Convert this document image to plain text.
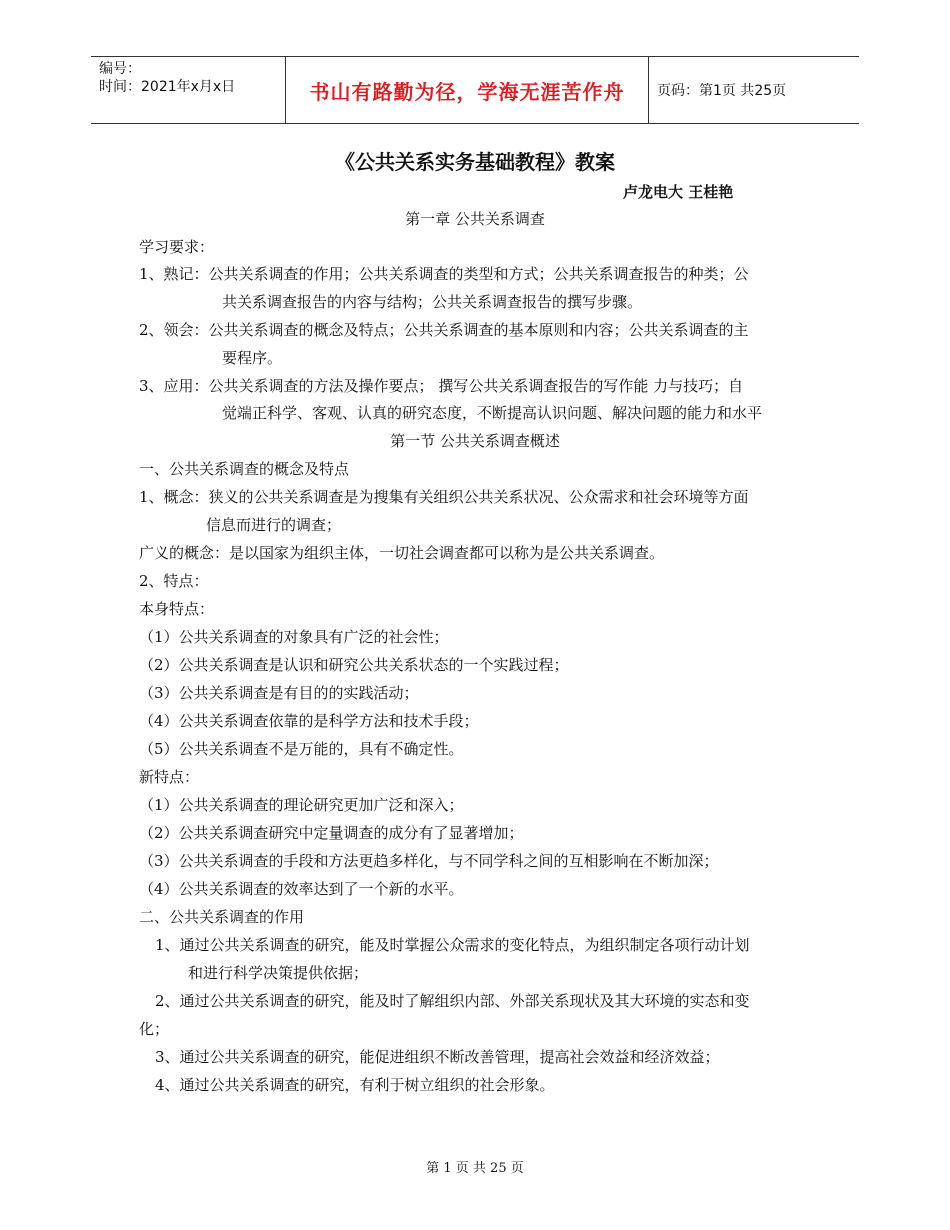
编号：
时间：2021年x月x日	书山有路勤为径，学海无涯苦作舟	页码：第1页 共25页
《公共关系实务基础教程》教案
卢龙电大 王桂艳
第一章 公共关系调查
学习要求：
1、熟记：公共关系调查的作用；公共关系调查的类型和方式；公共关系调查报告的种类；公
共关系调查报告的内容与结构；公共关系调查报告的撰写步骤。
2、领会：公共关系调查的概念及特点；公共关系调查的基本原则和内容；公共关系调查的主
要程序。
3、应用：公共关系调查的方法及操作要点； 撰写公共关系调查报告的写作能 力与技巧；自
觉端正科学、客观、认真的研究态度，不断提高认识问题、解决问题的能力和水平
第一节 公共关系调查概述
一、公共关系调查的概念及特点
1、概念：狭义的公共关系调查是为搜集有关组织公共关系状况、公众需求和社会环境等方面
信息而进行的调查；
广义的概念：是以国家为组织主体，一切社会调查都可以称为是公共关系调查。
2、特点：
本身特点：
（1）公共关系调查的对象具有广泛的社会性；
（2）公共关系调查是认识和研究公共关系状态的一个实践过程；
（3）公共关系调查是有目的的实践活动；
（4）公共关系调查依靠的是科学方法和技术手段；
（5）公共关系调查不是万能的，具有不确定性。
新特点：
（1）公共关系调查的理论研究更加广泛和深入；
（2）公共关系调查研究中定量调查的成分有了显著增加；
（3）公共关系调查的手段和方法更趋多样化，与不同学科之间的互相影响在不断加深；
（4）公共关系调查的效率达到了一个新的水平。
二、公共关系调查的作用
1、通过公共关系调查的研究，能及时掌握公众需求的变化特点，为组织制定各项行动计划
和进行科学决策提供依据；
2、通过公共关系调查的研究，能及时了解组织内部、外部关系现状及其大环境的实态和变
化；
3、通过公共关系调查的研究，能促进组织不断改善管理，提高社会效益和经济效益；
4、通过公共关系调查的研究，有利于树立组织的社会形象。
第 1 页 共 25 页
